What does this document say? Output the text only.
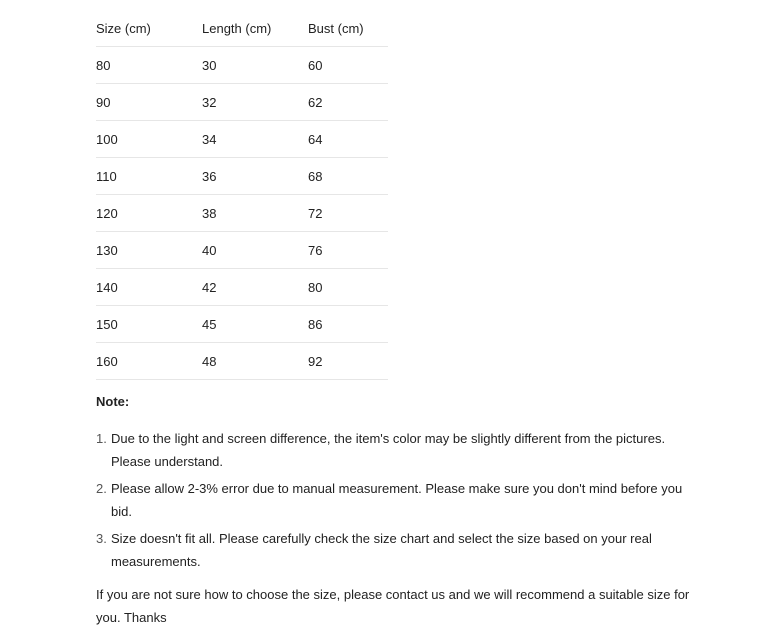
Size (cm)	Length (cm)	Bust (cm)
80	30	60
90	32	62
100	34	64
110	36	68
120	38	72
130	40	76
140	42	80
150	45	86
160	48	92

Note:

1. Due to the light and screen difference, the item's color may be slightly different from the pictures. Please understand.
2. Please allow 2-3% error due to manual measurement. Please make sure you don't mind before you bid.
3. Size doesn't fit all. Please carefully check the size chart and select the size based on your real measurements.

If you are not sure how to choose the size, please contact us and we will recommend a suitable size for you. Thanks
